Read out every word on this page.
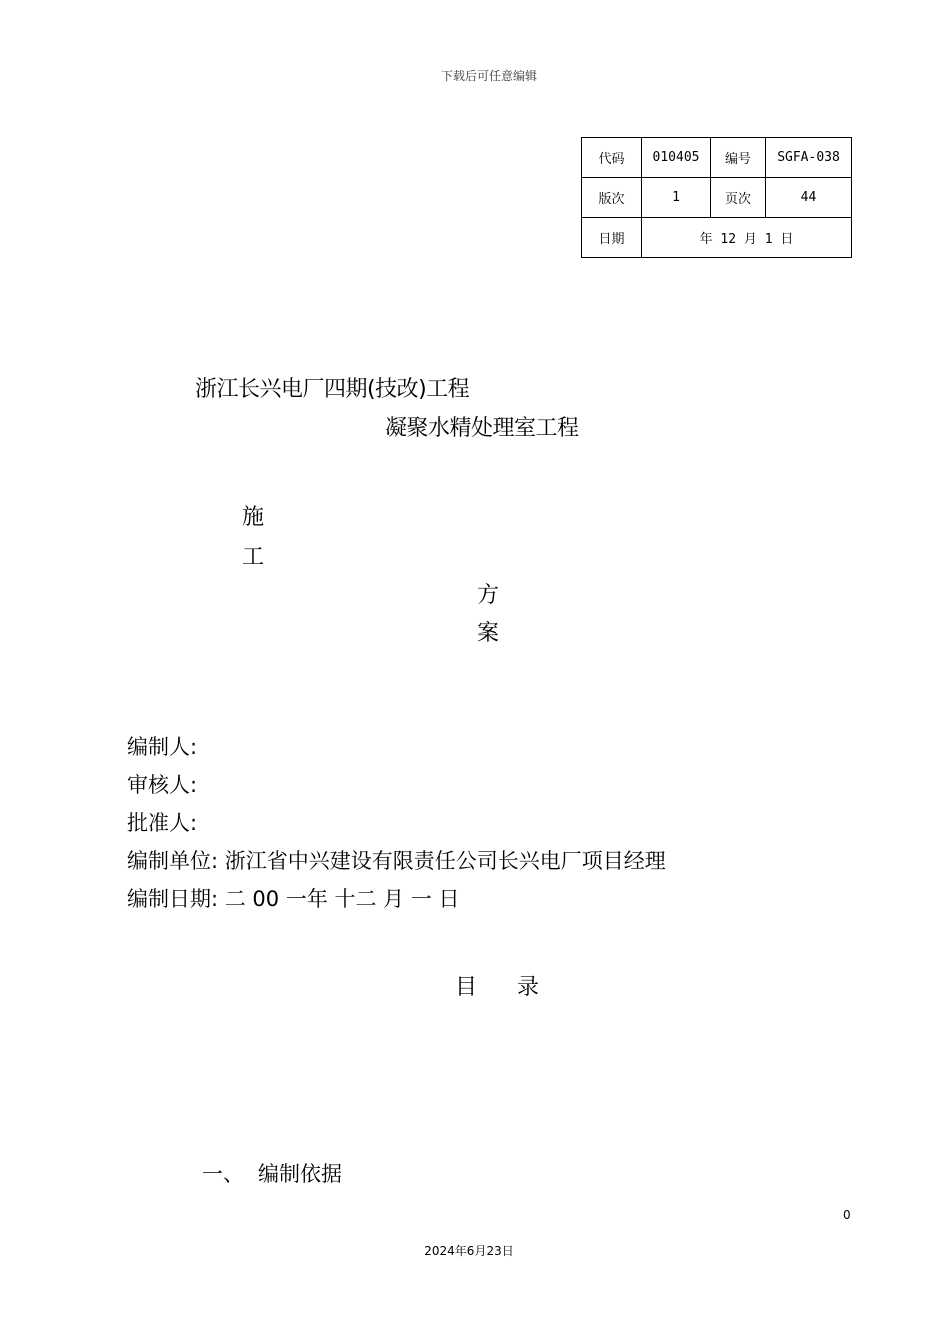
下载后可任意编辑
代码	010405	编号	SGFA-038
版次	1	页次	44
日期	年 12 月 1 日		
浙江长兴电厂四期(技改)工程
凝聚水精处理室工程
施
工
方
案
编制人:
审核人:
批准人:
编制单位: 浙江省中兴建设有限责任公司长兴电厂项目经理
编制日期: 二 00 一年 十二 月 一 日
目录
一、 编制依据
0
2024年6月23日
